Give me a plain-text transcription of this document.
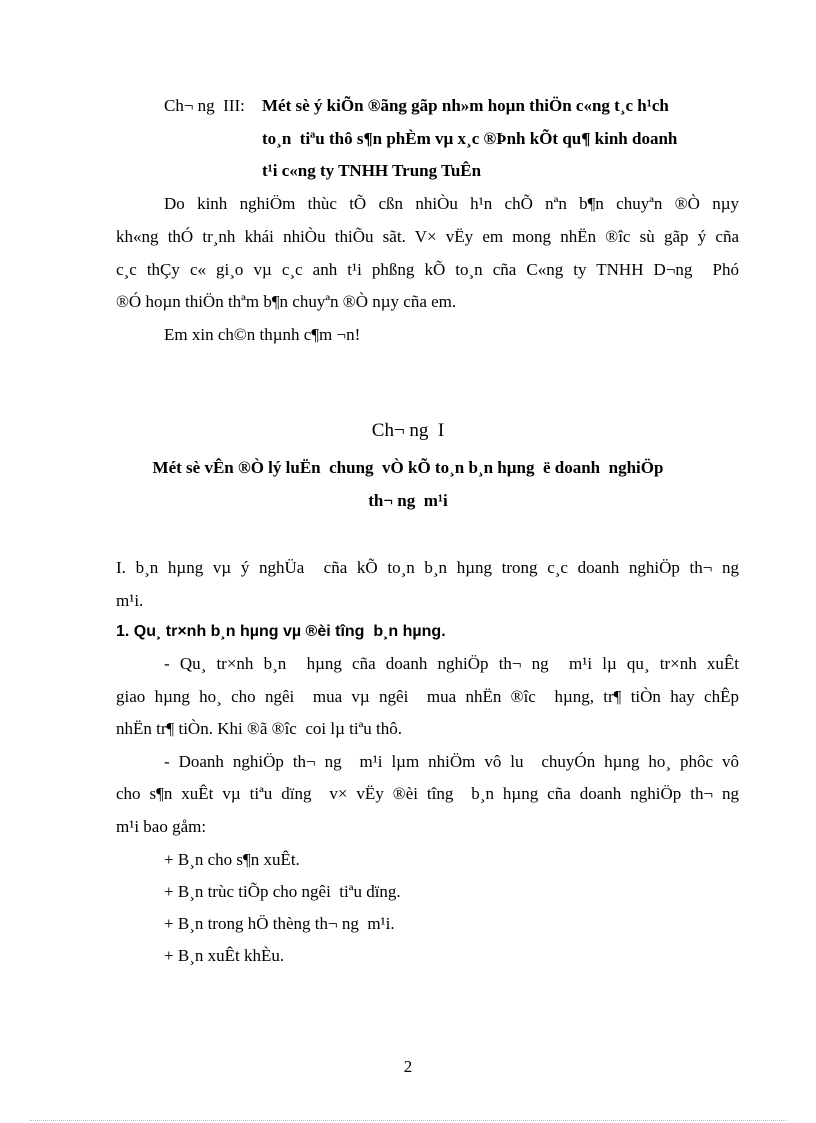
Ch¬ ng  III: Mét sè ý kiÕn ®ãng gãp nh»m hoµn thiÖn c«ng t¸c h¹ch
to¸n  tiªu thô s¶n phÈm vµ x¸c ®Þnh kÕt qu¶ kinh doanh
t¹i c«ng ty TNHH Trung TuÊn
Do kinh nghiÖm thùc tÕ cßn nhiÒu h¹n chÕ nªn b¶n chuyªn ®Ò nµy
kh«ng thÓ tr¸nh khái nhiÒu thiÕu sãt. V× vËy em mong nhËn ®îc sù gãp ý cña
c¸c thÇy c« gi¸o vµ c¸c anh t¹i phßng kÕ to¸n cña C«ng ty TNHH D¬ng  Phó
®Ó hoµn thiÖn thªm b¶n chuyªn ®Ò nµy cña em.
Em xin ch©n thµnh c¶m ¬n!
Ch¬ ng  I
Mét sè vÊn ®Ò lý luËn  chung  vÒ kÕ to¸n b¸n hµng  ë doanh  nghiÖp
th¬ ng  m¹i
I. b¸n hµng vµ ý nghÜa  cña kÕ to¸n b¸n hµng trong c¸c doanh nghiÖp th¬ ng
m¹i.
1. Qu¸ tr×nh b¸n hµng vµ ®èi tîng  b¸n hµng.
- Qu¸ tr×nh b¸n  hµng cña doanh nghiÖp th¬ ng  m¹i lµ qu¸ tr×nh xuÊt
giao hµng ho¸ cho ngêi  mua vµ ngêi  mua nhËn ®îc  hµng, tr¶ tiÒn hay chÊp
nhËn tr¶ tiÒn. Khi ®ã ®îc  coi lµ tiªu thô.
- Doanh nghiÖp th¬ ng  m¹i lµm nhiÖm vô lu  chuyÓn hµng ho¸ phôc vô
cho s¶n xuÊt vµ tiªu dïng  v× vËy ®èi tîng  b¸n hµng cña doanh nghiÖp th¬ ng
m¹i bao gåm:
+ B¸n cho s¶n xuÊt.
+ B¸n trùc tiÕp cho ngêi  tiªu dïng.
+ B¸n trong hÖ thèng th¬ ng  m¹i.
+ B¸n xuÊt khÈu.
2
